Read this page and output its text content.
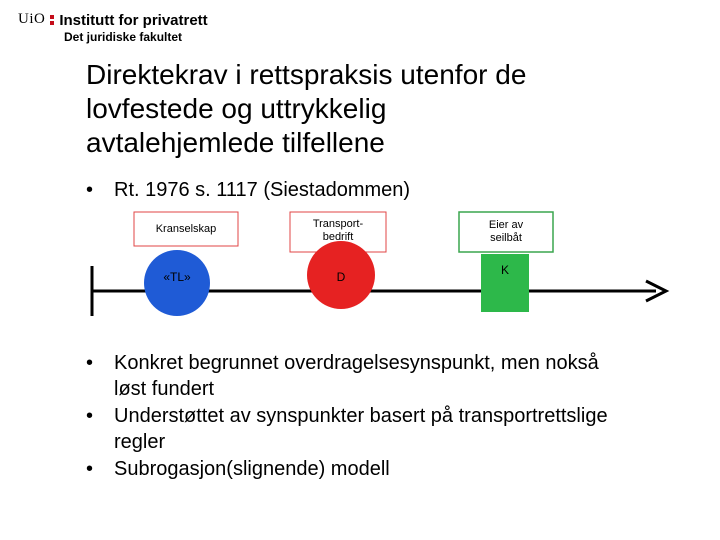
UiO Institutt for privatrett
Det juridiske fakultet
Direktekrav i rettspraksis utenfor de
lovfestede og uttrykkelig
avtalehjemlede tilfellene
•	Rt. 1976 s. 1117 (Siestadommen)
Kranselskap	Transport-
bedrift
Eier av
seilbåt
«TL»	D	K
• Konkret begrunnet overdragelsesynspunkt, men nokså
løst fundert
• Understøttet av synspunkter basert på transportrettslige
regler
• Subrogasjon(slignende) modell
